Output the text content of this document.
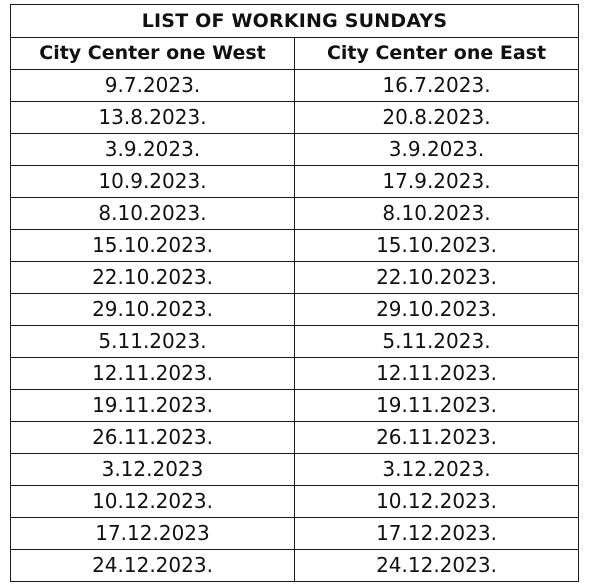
LIST OF WORKING SUNDAYS	
City Center one West	City Center one East
9.7.2023.	16.7.2023.
13.8.2023.	20.8.2023.
3.9.2023.	3.9.2023.
10.9.2023.	17.9.2023.
8.10.2023.	8.10.2023.
15.10.2023.	15.10.2023.
22.10.2023.	22.10.2023.
29.10.2023.	29.10.2023.
5.11.2023.	5.11.2023.
12.11.2023.	12.11.2023.
19.11.2023.	19.11.2023.
26.11.2023.	26.11.2023.
3.12.2023	3.12.2023.
10.12.2023.	10.12.2023.
17.12.2023	17.12.2023.
24.12.2023.	24.12.2023.
